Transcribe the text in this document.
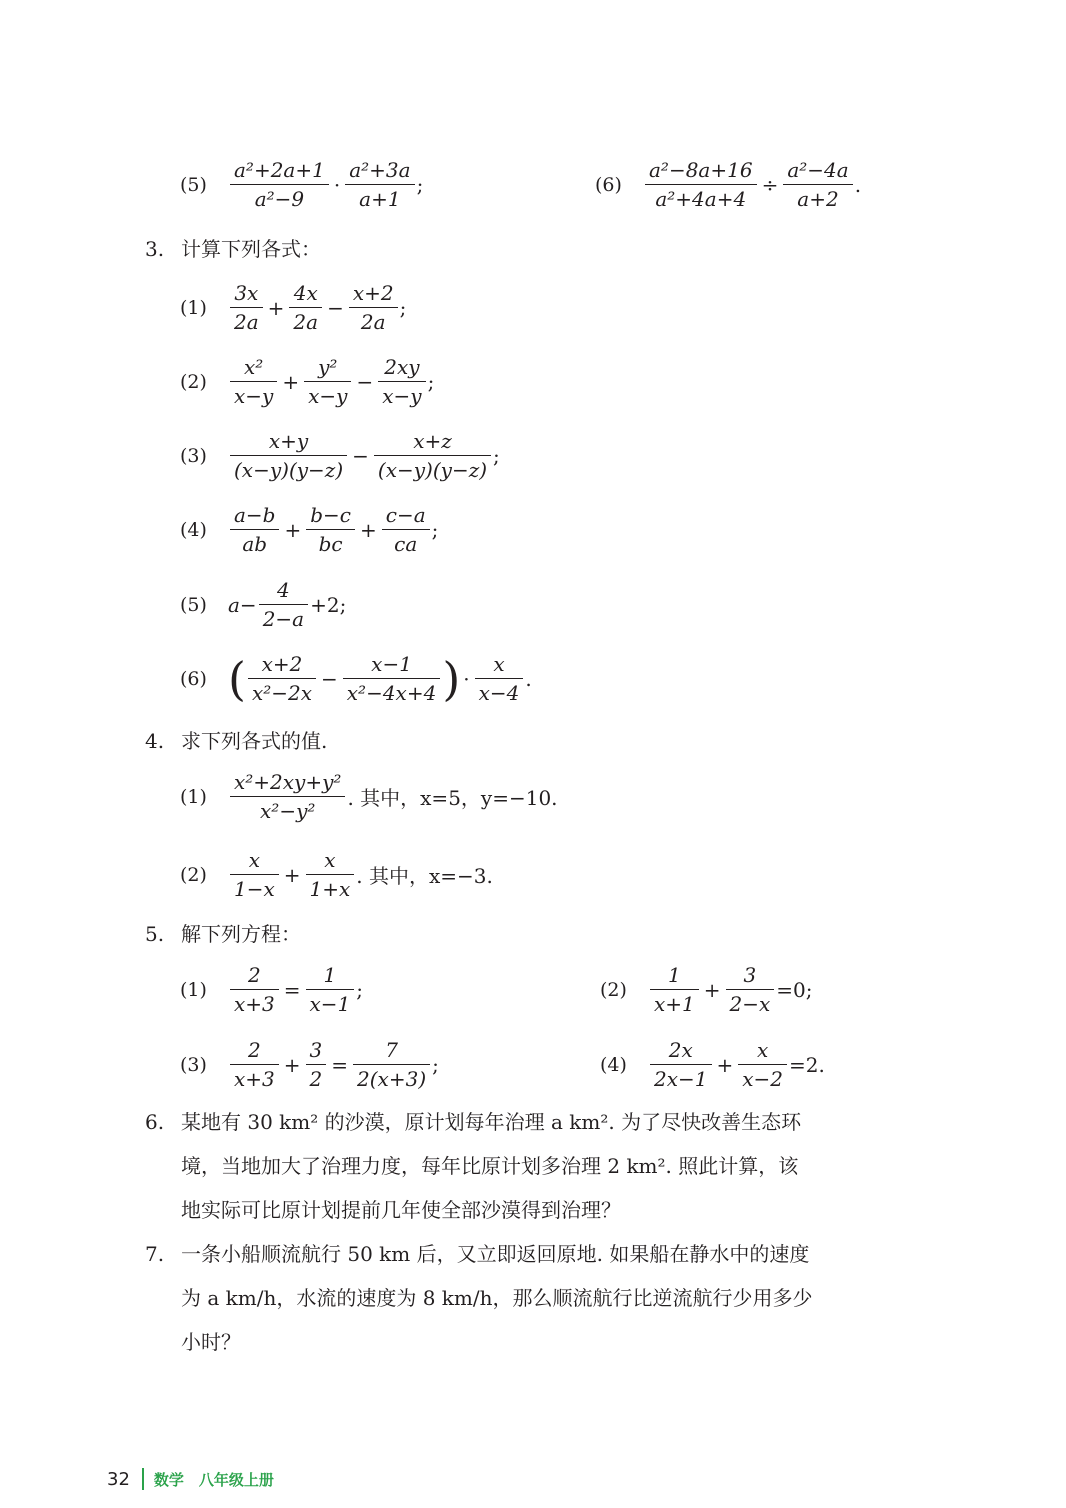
(5)	$\frac{\text{a²+2a+1}}{\text{a²−9}} \cdot \frac{\text{a²+3a}}{a+1}$ ;	(6)	$\frac{\text{a²−8a+16}}{\text{a²+4a+4}} \div \frac{\text{a²−4a}}{a+2}$ .
3. 计算下列各式：
(1)	$\frac{3x}{2a} + \frac{4x}{2a} - \frac{x+2}{2a}$ ;
(2)	$\frac{\text{x²}}{x-y} + \frac{\text{y²}}{x-y} - \frac{2xy}{x-y}$ ;
(3)	$\frac{x+y}{(x-y)(y-z)} - \frac{x+z}{(x-y)(y-z)}$ ;
(4)	$\frac{a-b}{ab} + \frac{b-c}{bc} + \frac{c-a}{ca}$ ;
(5)	$a- \frac{4}{2-a} +2$ ;
(6) ( $\frac{x+2}{\text{x²−2x}} - \frac{x-1}{\text{x²−4x+4}}$ ) · $\frac{x}{x-4}$ .
4. 求下列各式的值.
(1)	$\frac{\text{x²+2xy+y²}}{\text{x²−y²}}$ . 其中，x=5，y=−10.
(2)	$\frac{x}{1-x} + \frac{x}{1+x}$ . 其中，x=−3.
5. 解下列方程：
(1)	$\frac{2}{x+3} = \frac{1}{x-1}$ ;	(2)	$\frac{1}{x+1} + \frac{3}{2-x} =0$ ;
(3)	$\frac{2}{x+3} + \frac{3}{2} = \frac{7}{2(x+3)}$ ;	(4)	$\frac{2x}{2x-1} + \frac{x}{x-2} =2$ .
6. 某地有 30 km² 的沙漠，原计划每年治理 a km². 为了尽快改善生态环
境，当地加大了治理力度，每年比原计划多治理 2 km². 照此计算，该
地实际可比原计划提前几年使全部沙漠得到治理？
7. 一条小船顺流航行 50 km 后，又立即返回原地. 如果船在静水中的速度
为 a km/h，水流的速度为 8 km/h，那么顺流航行比逆流航行少用多少
小时？
32 数学　八年级上册
